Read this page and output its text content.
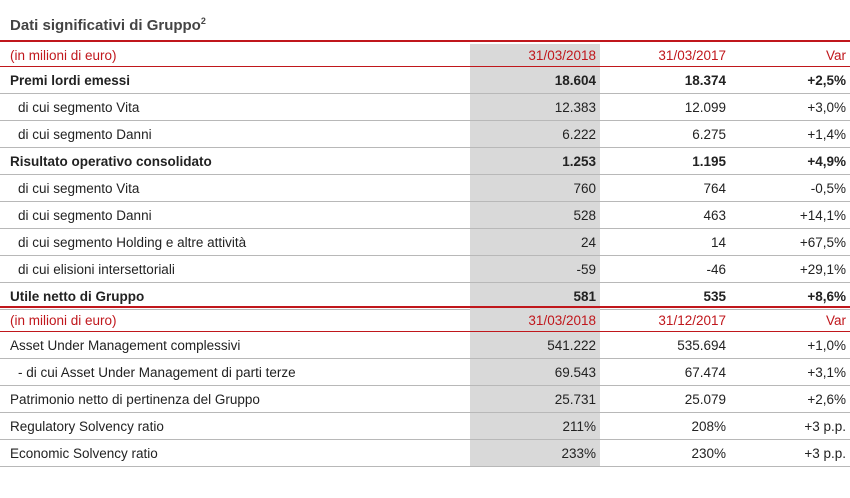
Dati significativi di Gruppo$^2$
(in milioni di euro)	31/03/2018	31/03/2017	Var
Premi lordi emessi	18.604	18.374	+2,5%
di cui segmento Vita	12.383	12.099	+3,0%
di cui segmento Danni	6.222	6.275	+1,4%
Risultato operativo consolidato	1.253	1.195	+4,9%
di cui segmento Vita	760	764	-0,5%
di cui segmento Danni	528	463	+14,1%
di cui segmento Holding e altre attività	24	14	+67,5%
di cui elisioni intersettoriali	-59	-46	+29,1%
Utile netto di Gruppo	581	535	+8,6%
(in milioni di euro)	31/03/2018	31/12/2017	Var
Asset Under Management complessivi	541.222	535.694	+1,0%
- di cui Asset Under Management di parti terze	69.543	67.474	+3,1%
Patrimonio netto di pertinenza del Gruppo	25.731	25.079	+2,6%
Regulatory Solvency ratio	211%	208%	+3 p.p.
Economic Solvency ratio	233%	230%	+3 p.p.
